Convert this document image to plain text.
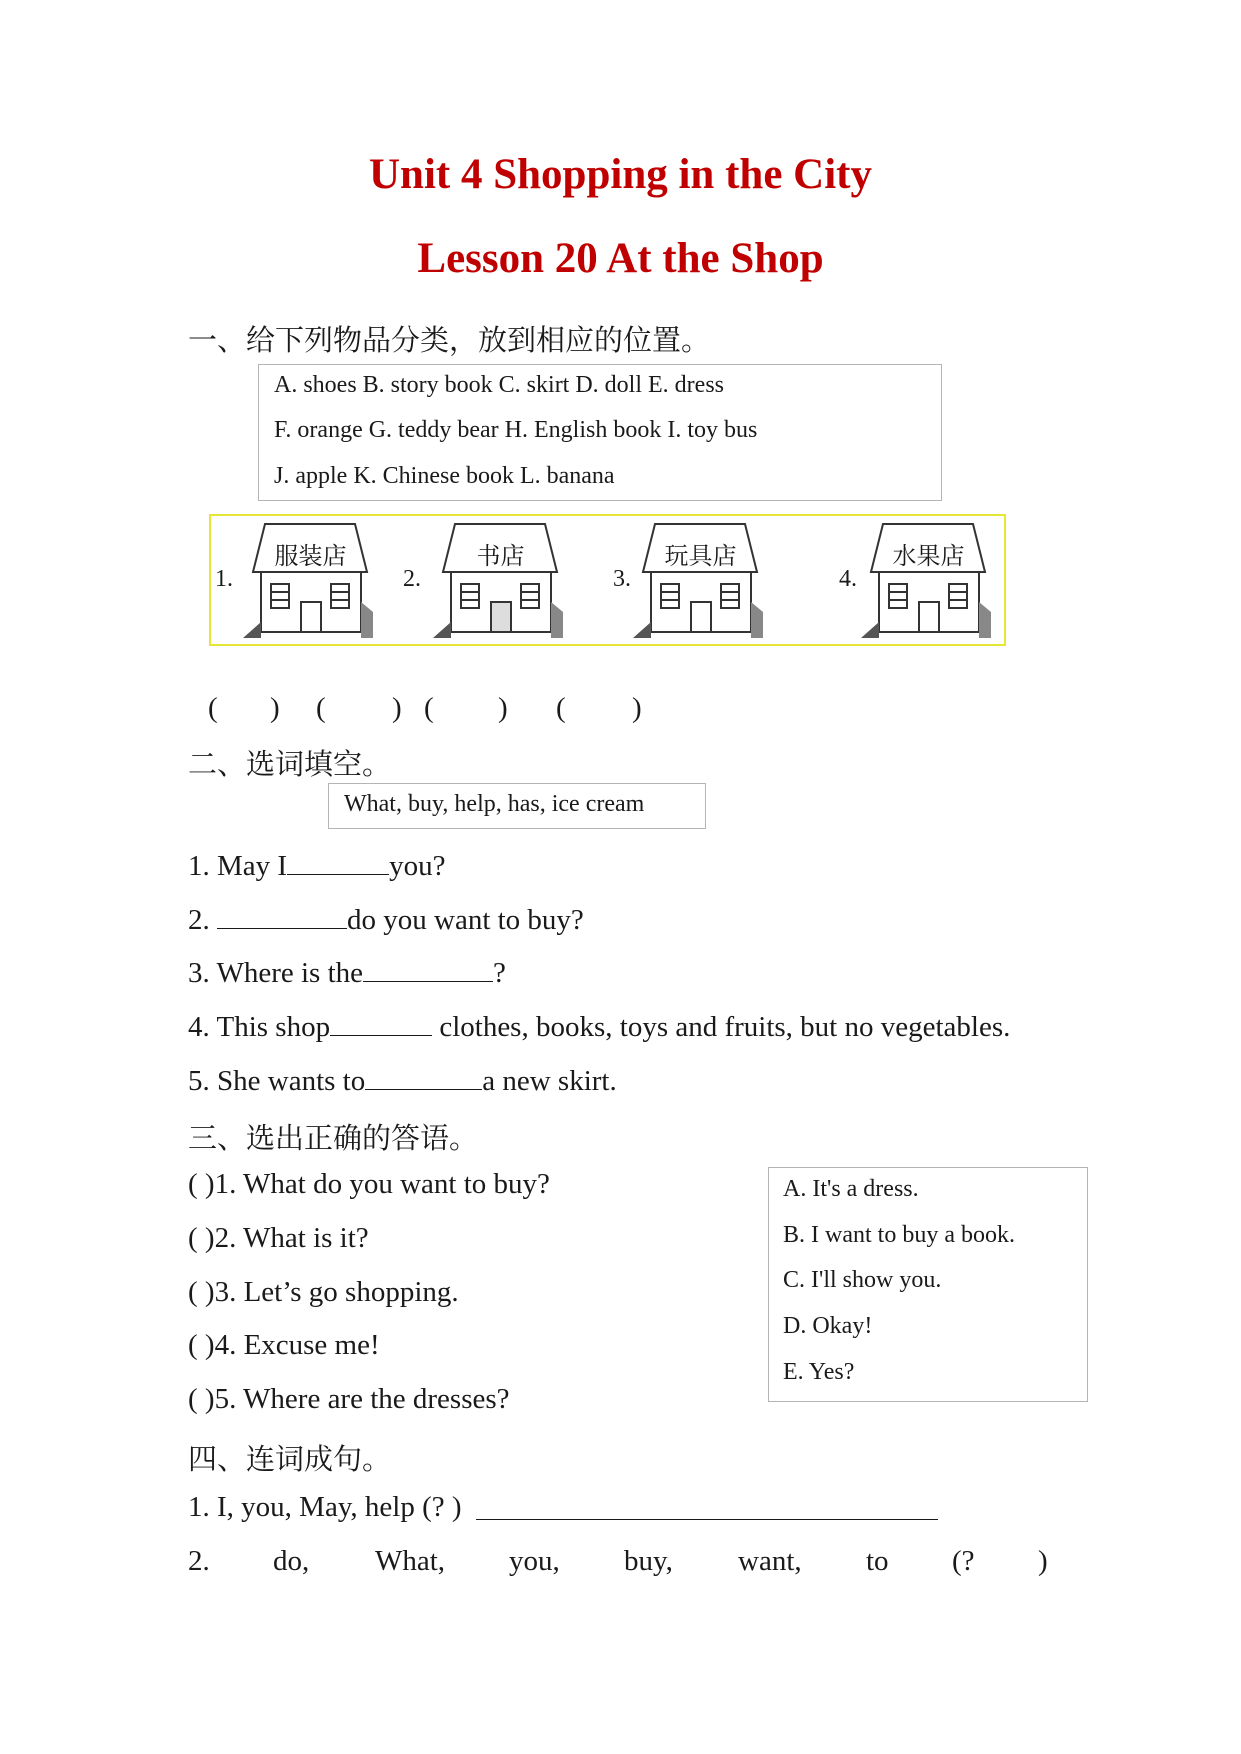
Unit 4 Shopping in the City
Lesson 20 At the Shop
一、给下列物品分类，放到相应的位置。
A. shoes B. story book C. skirt D. doll E. dress
F. orange G. teddy bear H. English book I. toy bus
J. apple K. Chinese book L. banana
1.
服装店
2.
书店
3.
玩具店
4.
水果店
( ) ( ) ( ) ( )
二、选词填空。
What, buy, help, has, ice cream
1. May I	you?
2.	do you want to buy?
3. Where is the	?
4. This shop	clothes, books, toys and fruits, but no vegetables.
5. She wants to	a new skirt.
三、选出正确的答语。
( )1. What do you want to buy?
( )2. What is it?
( )3. Let’s go shopping.
( )4. Excuse me!
( )5. Where are the dresses?
A. It's a dress.
B. I want to buy a book.
C. I'll show you.
D. Okay!
E. Yes?
四、连词成句。
1. I, you, May, help (? )
2. do, What, you, buy, want, to (? )
